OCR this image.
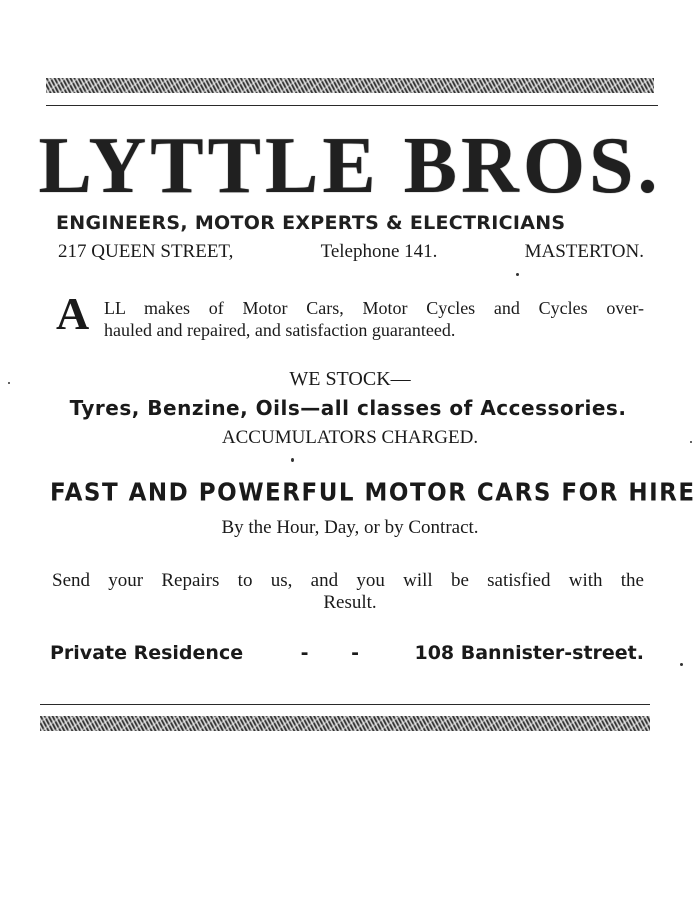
LYTTLE BROS.
ENGINEERS, MOTOR EXPERTS & ELECTRICIANS
217 QUEEN STREET,	Telephone 141.	MASTERTON.
A LL makes of Motor Cars, Motor Cycles and Cycles over-
hauled and repaired, and satisfaction guaranteed.
WE STOCK—
Tyres, Benzine, Oils—all classes of Accessories.
ACCUMULATORS CHARGED.
FAST AND POWERFUL MOTOR CARS FOR HIRE
By the Hour, Day, or by Contract.
Send your Repairs to us, and you will be satisfied with the
Result.
Private Residence	- - 108 Bannister-street.
